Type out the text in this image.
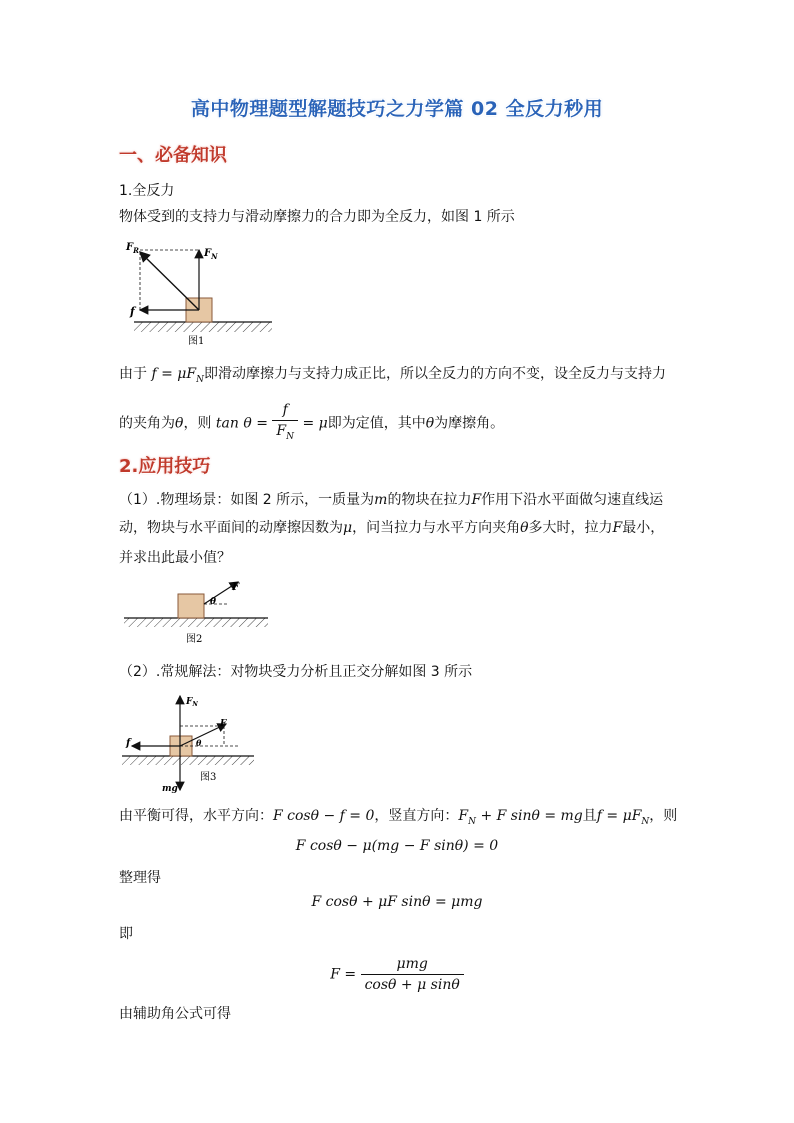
高中物理题型解题技巧之力学篇 02 全反力秒用
一、必备知识
1.全反力
物体受到的支持力与滑动摩擦力的合力即为全反力，如图 1 所示
$F_R$	$F_N$
f
图1
由于 $f = \mu F_N$即滑动摩擦力与支持力成正比，所以全反力的方向不变，设全反力与支持力
的夹角为θ，则 $\tan \theta = \frac{f}{F_N} = \mu$即为定值，其中θ为摩擦角。
2.应用技巧
（1）.物理场景：如图 2 所示，一质量为m的物块在拉力F作用下沿水平面做匀速直线运
动，物块与水平面间的动摩擦因数为μ，问当拉力与水平方向夹角θ多大时，拉力F最小，
并求出此最小值？
θ
F
图2
（2）.常规解法：对物块受力分析且正交分解如图 3 所示
$F_N$
F
f	θ
mg
图3
由平衡可得，水平方向：F cosθ − f = 0，竖直方向：$F_N + F$ sinθ = mg且$f = \mu F_N$，则
F cosθ − μ(mg − F sinθ) = 0
整理得
F cosθ + μF sinθ = μmg
即
$F = \frac{\text{μmg}}{\text{cosθ + μ sinθ}}$
由辅助角公式可得
